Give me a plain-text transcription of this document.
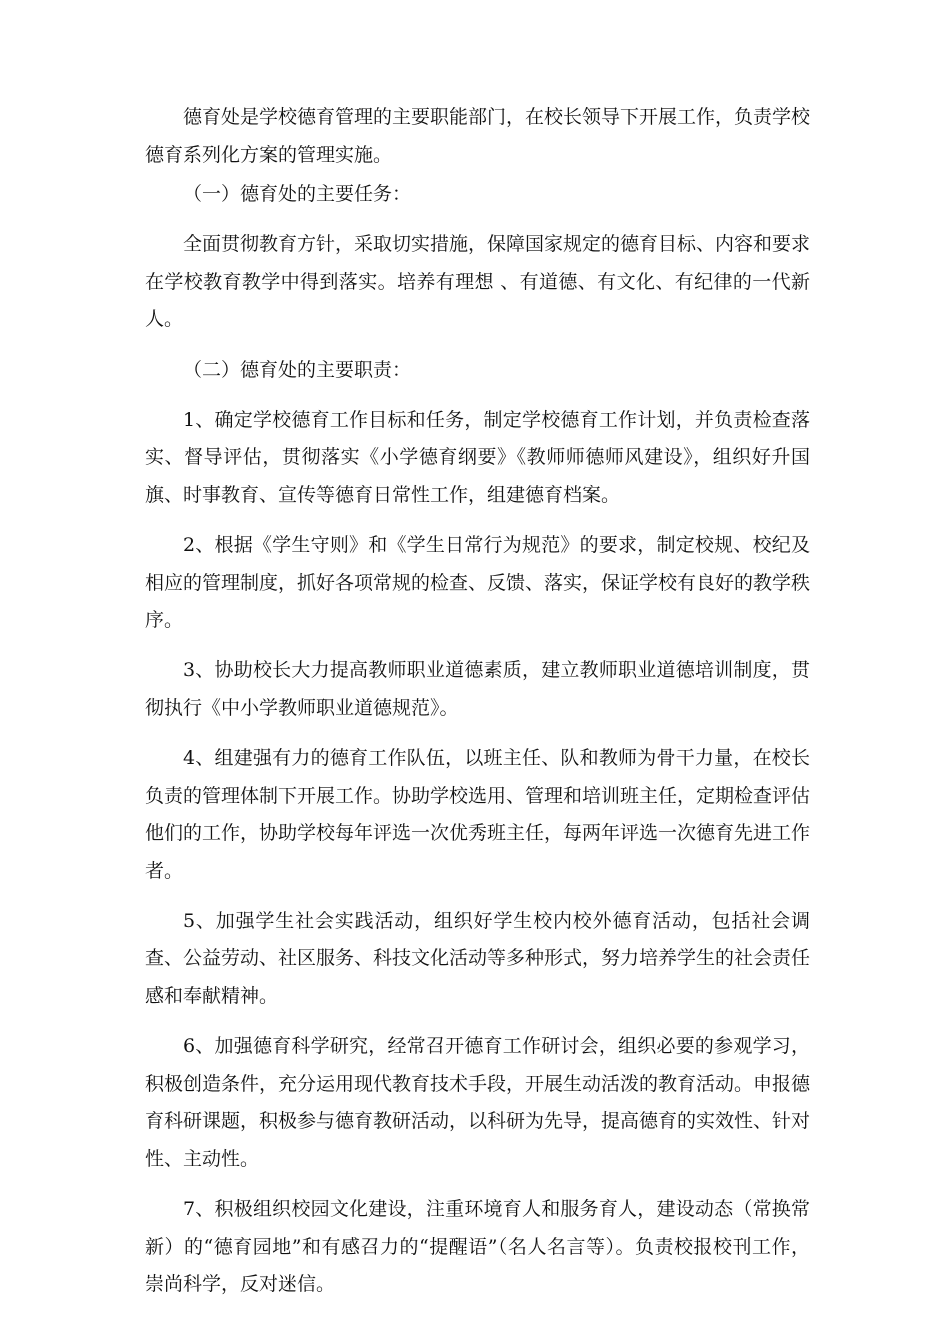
德育处是学校德育管理的主要职能部门，在校长领导下开展工作，负责学校德育系列化方案的管理实施。

（一）德育处的主要任务：

全面贯彻教育方针，采取切实措施，保障国家规定的德育目标、内容和要求在学校教育教学中得到落实。培养有理想 、有道德、有文化、有纪律的一代新人。

（二）德育处的主要职责：

1、确定学校德育工作目标和任务，制定学校德育工作计划，并负责检查落实、督导评估，贯彻落实《小学德育纲要》《教师师德师风建设》，组织好升国旗、时事教育、宣传等德育日常性工作，组建德育档案。

2、根据《学生守则》和《学生日常行为规范》的要求，制定校规、校纪及相应的管理制度，抓好各项常规的检查、反馈、落实，保证学校有良好的教学秩序。

3、协助校长大力提高教师职业道德素质，建立教师职业道德培训制度，贯彻执行《中小学教师职业道德规范》。

4、组建强有力的德育工作队伍，以班主任、队和教师为骨干力量，在校长负责的管理体制下开展工作。协助学校选用、管理和培训班主任，定期检查评估他们的工作，协助学校每年评选一次优秀班主任，每两年评选一次德育先进工作者。

5、加强学生社会实践活动，组织好学生校内校外德育活动，包括社会调查、公益劳动、社区服务、科技文化活动等多种形式，努力培养学生的社会责任感和奉献精神。

6、加强德育科学研究，经常召开德育工作研讨会，组织必要的参观学习，积极创造条件，充分运用现代教育技术手段，开展生动活泼的教育活动。申报德育科研课题，积极参与德育教研活动，以科研为先导，提高德育的实效性、针对性、主动性。

7、积极组织校园文化建设，注重环境育人和服务育人，建设动态（常换常新）的“德育园地”和有感召力的“提醒语”（名人名言等）。负责校报校刊工作，崇尚科学，反对迷信。
